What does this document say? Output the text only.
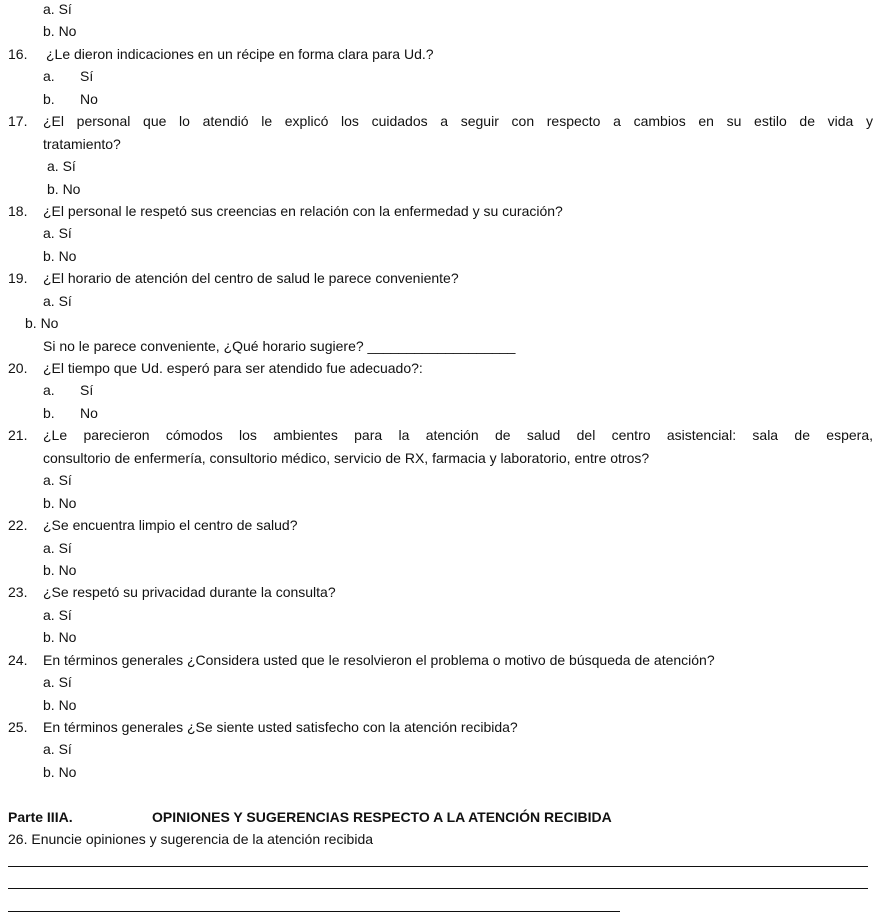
a. Sí
b. No
16. ¿Le dieron indicaciones en un récipe en forma clara para Ud.?
a. Sí
b. No
17. ¿El personal que lo atendió le explicó los cuidados a seguir con respecto a cambios en su estilo de vida y
tratamiento?
a. Sí
b. No
18. ¿El personal le respetó sus creencias en relación con la enfermedad y su curación?
a. Sí
b. No
19. ¿El horario de atención del centro de salud le parece conveniente?
a. Sí
b. No
Si no le parece conveniente, ¿Qué horario sugiere? ___________________
20. ¿El tiempo que Ud. esperó para ser atendido fue adecuado?:
a. Sí
b. No
21. ¿Le parecieron cómodos los ambientes para la atención de salud del centro asistencial: sala de espera,
consultorio de enfermería, consultorio médico, servicio de RX, farmacia y laboratorio, entre otros?
a. Sí
b. No
22. ¿Se encuentra limpio el centro de salud?
a. Sí
b. No
23. ¿Se respetó su privacidad durante la consulta?
a. Sí
b. No
24. En términos generales ¿Considera usted que le resolvieron el problema o motivo de búsqueda de atención?
a. Sí
b. No
25. En términos generales ¿Se siente usted satisfecho con la atención recibida?
a. Sí
b. No
Parte IIIA.	OPINIONES Y SUGERENCIAS RESPECTO A LA ATENCIÓN RECIBIDA
26. Enuncie opiniones y sugerencia de la atención recibida
